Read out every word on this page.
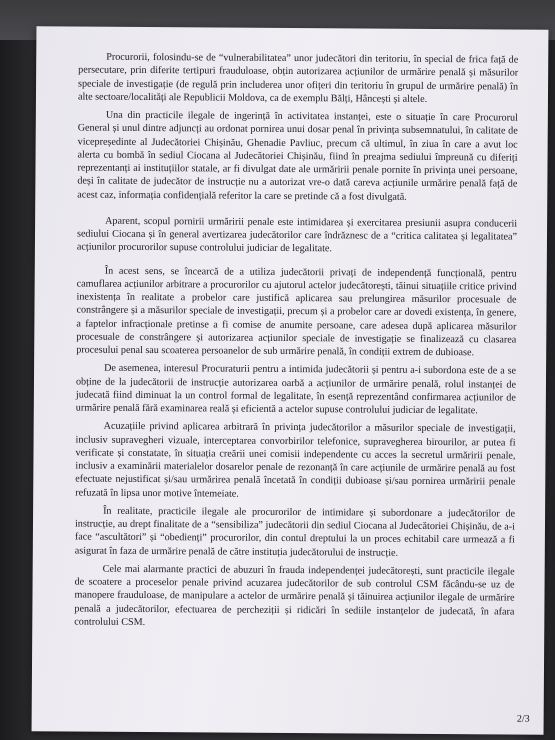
Procurorii, folosindu-se de “vulnerabilitatea” unor judecători din teritoriu, în special de frica față de persecutare, prin diferite tertipuri frauduloase, obțin autorizarea acțiunilor de urmărire penală și măsurilor speciale de investigație (de regulă prin includerea unor ofițeri din teritoriu în grupul de urmărire penală) în alte sectoare/localități ale Republicii Moldova, ca de exemplu Bălți, Hâncești și altele.

Una din practicile ilegale de ingerință în activitatea instanței, este o situație în care Procurorul General și unul dintre adjuncți au ordonat pornirea unui dosar penal în privința subsemnatului, în calitate de vicepreședinte al Judecătoriei Chișinău, Ghenadie Pavliuc, precum că ultimul, în ziua în care a avut loc alerta cu bombă în sediul Ciocana al Judecătoriei Chișinău, fiind în preajma sediului împreună cu diferiți reprezentanți ai instituțiilor statale, ar fi divulgat date ale urmăririi penale pornite în privința unei persoane, deși în calitate de judecător de instrucție nu a autorizat vre-o dată careva acțiunile urmărire penală față de acest caz, informația confidențială referitor la care se pretinde că a fost divulgată.

Aparent, scopul pornirii urmăririi penale este intimidarea și exercitarea presiunii asupra conducerii sediului Ciocana și în general avertizarea judecătorilor care îndrăznesc de a “critica calitatea și legalitatea” acțiunilor procurorilor supuse controlului judiciar de legalitate.

În acest sens, se încearcă de a utiliza judecătorii privați de independență funcțională, pentru camuflarea acțiunilor arbitrare a procurorilor cu ajutorul actelor judecătorești, tăinui situațiile critice privind inexistența în realitate a probelor care justifică aplicarea sau prelungirea măsurilor procesuale de constrângere și a măsurilor speciale de investigații, precum și a probelor care ar dovedi existența, în genere, a faptelor infracționale pretinse a fi comise de anumite persoane, care adesea după aplicarea măsurilor procesuale de constrângere și autorizarea acțiunilor speciale de investigație se finalizează cu clasarea procesului penal sau scoaterea persoanelor de sub urmărire penală, în condiții extrem de dubioase.

De asemenea, interesul Procuraturii pentru a intimida judecătorii și pentru a-i subordona este de a se obține de la judecătorii de instrucție autorizarea oarbă a acțiunilor de urmărire penală, rolul instanței de judecată fiind diminuat la un control formal de legalitate, în esență reprezentând confirmarea acțiunilor de urmărire penală fără examinarea reală și eficientă a actelor supuse controlului judiciar de legalitate.

Acuzațiile privind aplicarea arbitrară în privința judecătorilor a măsurilor speciale de investigații, inclusiv supravegheri vizuale, interceptarea convorbirilor telefonice, supravegherea birourilor, ar putea fi verificate și constatate, în situația creării unei comisii independente cu acces la secretul urmăririi penale, inclusiv a examinării materialelor dosarelor penale de rezonanță în care acțiunile de urmărire penală au fost efectuate nejustificat și/sau urmărirea penală încetată în condiții dubioase și/sau pornirea urmăririi penale refuzată în lipsa unor motive întemeiate.

În realitate, practicile ilegale ale procurorilor de intimidare și subordonare a judecătorilor de instrucție, au drept finalitate de a “sensibiliza” judecătorii din sediul Ciocana al Judecătoriei Chișinău, de a-i face “ascultători” și “obedienți” procurorilor, din contul dreptului la un proces echitabil care urmează a fi asigurat în faza de urmărire penală de către instituția judecătorului de instrucție.

Cele mai alarmante practici de abuzuri în frauda independenței judecătorești, sunt practicile ilegale de scoatere a proceselor penale privind acuzarea judecătorilor de sub controlul CSM făcându-se uz de manopere frauduloase, de manipulare a actelor de urmărire penală și tăinuirea acțiunilor ilegale de urmărire penală a judecătorilor, efectuarea de percheziții și ridicări în sediile instanțelor de judecată, în afara controlului CSM.

2/3
